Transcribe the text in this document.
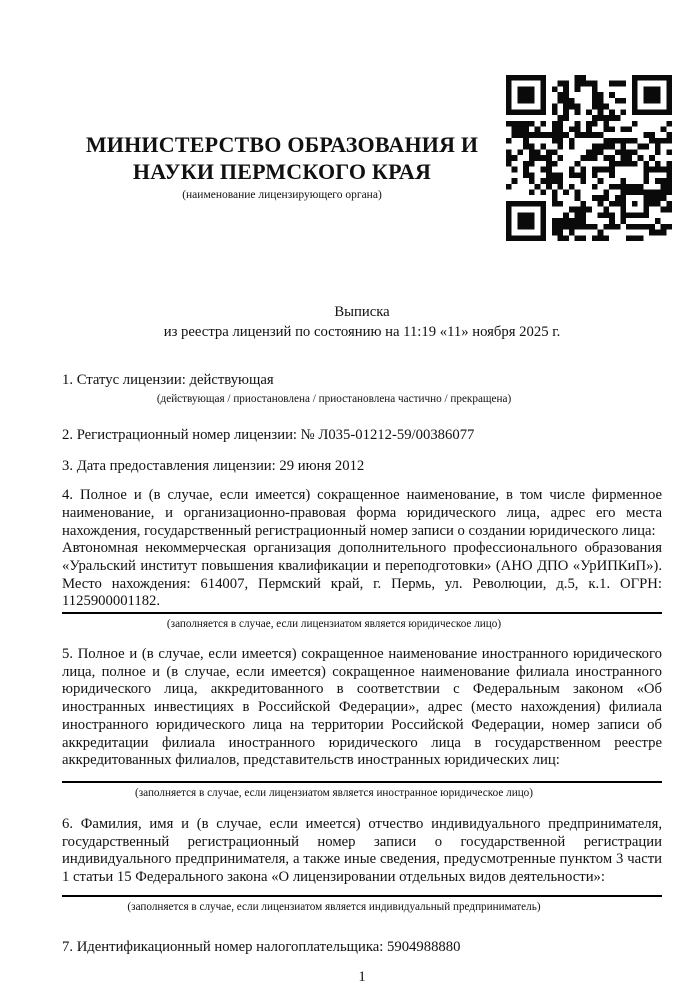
МИНИСТЕРСТВО ОБРАЗОВАНИЯ И НАУКИ ПЕРМСКОГО КРАЯ
(наименование лицензирующего органа)
Выписка
из реестра лицензий по состоянию на 11:19 «11» ноября 2025 г.

1. Статус лицензии: действующая

(действующая / приостановлена / приостановлена частично / прекращена)

2. Регистрационный номер лицензии: № Л035-01212-59/00386077

3. Дата предоставления лицензии: 29 июня 2012

4. Полное и (в случае, если имеется) сокращенное наименование, в том числе фирменное наименование, и организационно-правовая форма юридического лица, адрес его места нахождения, государственный регистрационный номер записи о создании юридического лица:

Автономная некоммерческая организация дополнительного профессионального образования «Уральский институт повышения квалификации и переподготовки» (АНО ДПО «УрИПКиП»). Место нахождения: 614007, Пермский край, г. Пермь, ул. Революции, д.5, к.1. ОГРН: 1125900001182.

(заполняется в случае, если лицензиатом является юридическое лицо)

5. Полное и (в случае, если имеется) сокращенное наименование иностранного юридического лица, полное и (в случае, если имеется) сокращенное наименование филиала иностранного юридического лица, аккредитованного в соответствии с Федеральным законом «Об иностранных инвестициях в Российской Федерации», адрес (место нахождения) филиала иностранного юридического лица на территории Российской Федерации, номер записи об аккредитации филиала иностранного юридического лица в государственном реестре аккредитованных филиалов, представительств иностранных юридических лиц:

(заполняется в случае, если лицензиатом является иностранное юридическое лицо)

6. Фамилия, имя и (в случае, если имеется) отчество индивидуального предпринимателя, государственный регистрационный номер записи о государственной регистрации индивидуального предпринимателя, а также иные сведения, предусмотренные пунктом 3 части 1 статьи 15 Федерального закона «О лицензировании отдельных видов деятельности»:

(заполняется в случае, если лицензиатом является индивидуальный предприниматель)

7. Идентификационный номер налогоплательщика: 5904988880

1
